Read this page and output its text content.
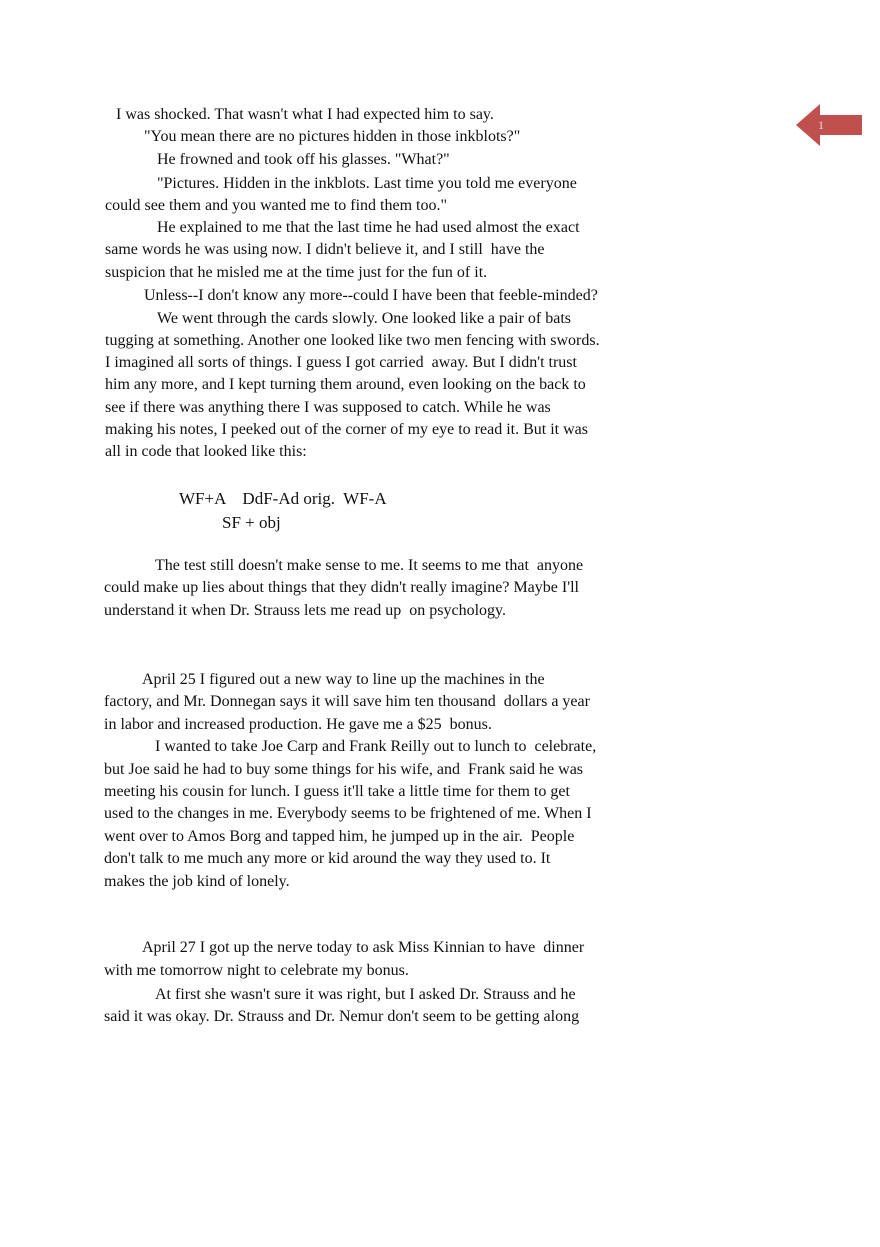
1
I was shocked. That wasn't what I had expected him to say.
"You mean there are no pictures hidden in those inkblots?"
He frowned and took off his glasses. "What?"
"Pictures. Hidden in the inkblots. Last time you told me everyone
could see them and you wanted me to find them too."
He explained to me that the last time he had used almost the exact
same words he was using now. I didn't believe it, and I still  have the
suspicion that he misled me at the time just for the fun of it.
Unless--I don't know any more--could I have been that feeble-minded?
We went through the cards slowly. One looked like a pair of bats
tugging at something. Another one looked like two men fencing with swords.
I imagined all sorts of things. I guess I got carried  away. But I didn't trust
him any more, and I kept turning them around, even looking on the back to
see if there was anything there I was supposed to catch. While he was
making his notes, I peeked out of the corner of my eye to read it. But it was
all in code that looked like this:
WF+A    DdF-Ad orig.  WF-A
SF + obj
The test still doesn't make sense to me. It seems to me that  anyone
could make up lies about things that they didn't really imagine? Maybe I'll
understand it when Dr. Strauss lets me read up  on psychology.
April 25 I figured out a new way to line up the machines in the
factory, and Mr. Donnegan says it will save him ten thousand  dollars a year
in labor and increased production. He gave me a $25  bonus.
I wanted to take Joe Carp and Frank Reilly out to lunch to  celebrate,
but Joe said he had to buy some things for his wife, and  Frank said he was
meeting his cousin for lunch. I guess it'll take a little time for them to get
used to the changes in me. Everybody seems to be frightened of me. When I
went over to Amos Borg and tapped him, he jumped up in the air.  People
don't talk to me much any more or kid around the way they used to. It
makes the job kind of lonely.
April 27 I got up the nerve today to ask Miss Kinnian to have  dinner
with me tomorrow night to celebrate my bonus.
At first she wasn't sure it was right, but I asked Dr. Strauss and he
said it was okay. Dr. Strauss and Dr. Nemur don't seem to be getting along
